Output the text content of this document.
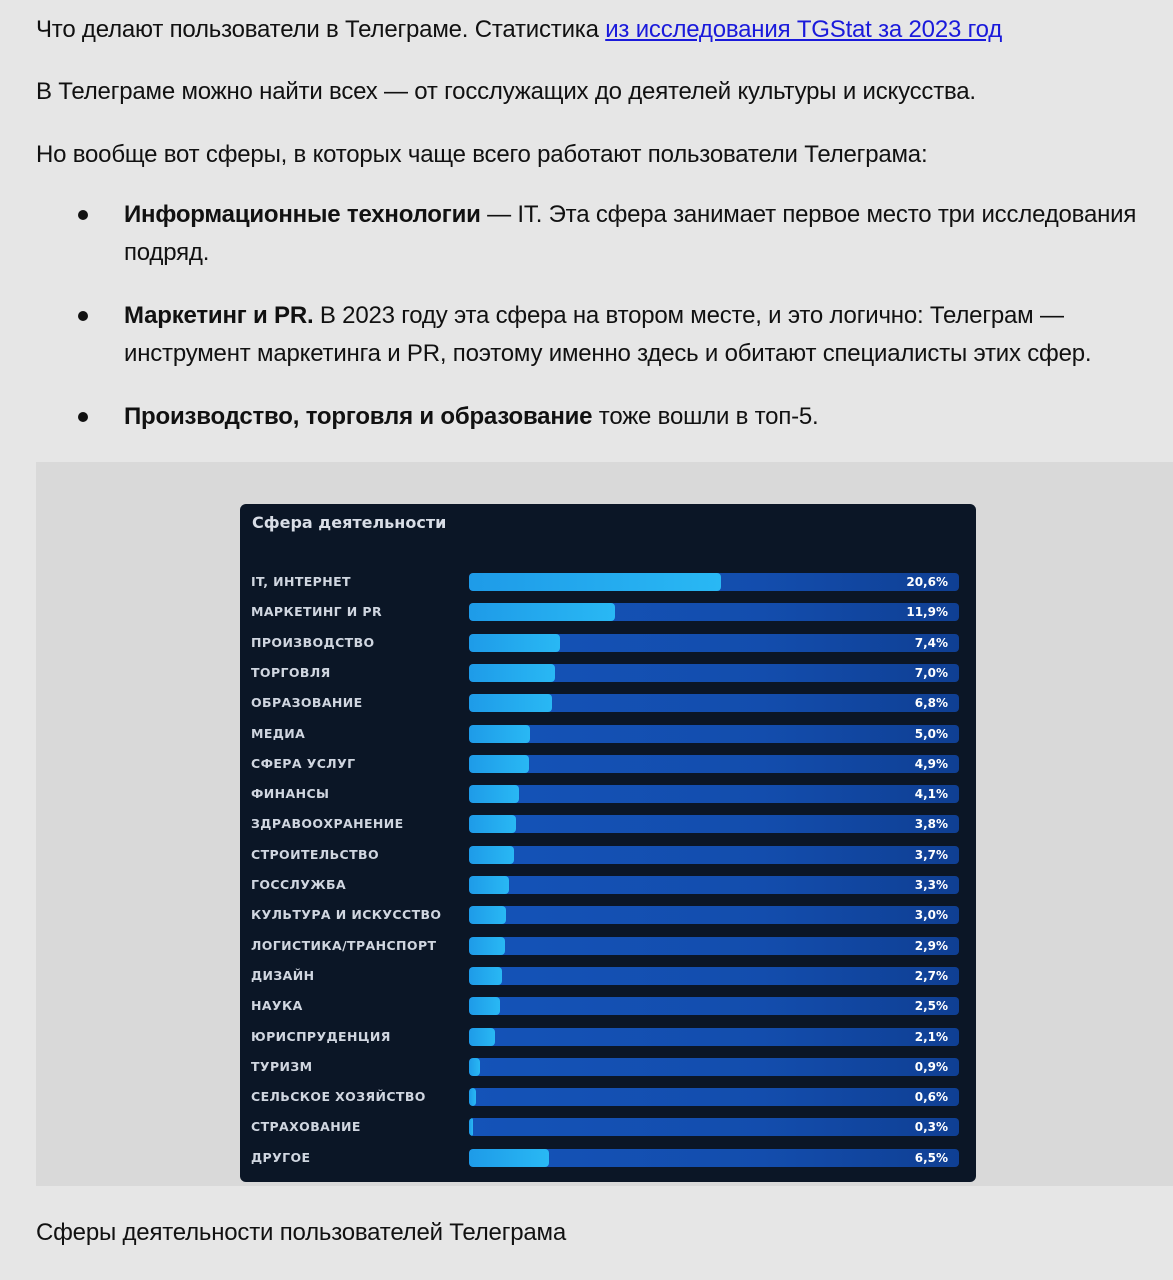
Что делают пользователи в Телеграме. Статистика из исследования TGStat за 2023 год

В Телеграме можно найти всех — от госслужащих до деятелей культуры и искусства.

Но вообще вот сферы, в которых чаще всего работают пользователи Телеграма:

Информационные технологии — IT. Эта сфера занимает первое место три исследования подряд.
Маркетинг и PR. В 2023 году эта сфера на втором месте, и это логично: Телеграм — инструмент маркетинга и PR, поэтому именно здесь и обитают специалисты этих сфер.
Производство, торговля и образование тоже вошли в топ-5.
Сфера деятельности
IT, ИНТЕРНЕТ	20,6%
МАРКЕТИНГ И PR	11,9%
ПРОИЗВОДСТВО	7,4%
ТОРГОВЛЯ	7,0%
ОБРАЗОВАНИЕ	6,8%
МЕДИА	5,0%
СФЕРА УСЛУГ	4,9%
ФИНАНСЫ	4,1%
ЗДРАВООХРАНЕНИЕ	3,8%
СТРОИТЕЛЬСТВО	3,7%
ГОССЛУЖБА	3,3%
КУЛЬТУРА И ИСКУССТВО	3,0%
ЛОГИСТИКА/ТРАНСПОРТ	2,9%
ДИЗАЙН	2,7%
НАУКА	2,5%
ЮРИСПРУДЕНЦИЯ	2,1%
ТУРИЗМ	0,9%
СЕЛЬСКОЕ ХОЗЯЙСТВО	0,6%
СТРАХОВАНИЕ	0,3%
ДРУГОЕ	6,5%

Сферы деятельности пользователей Телеграма
